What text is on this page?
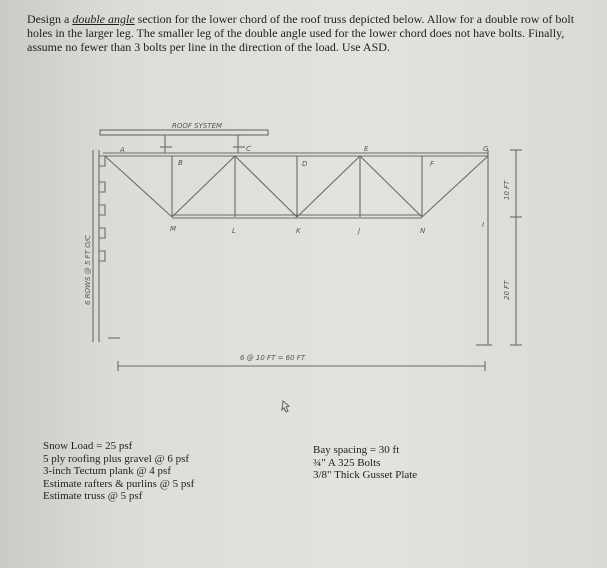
Design a double angle section for the lower chord of the roof truss depicted below. Allow for a double row of bolt holes in the larger leg. The smaller leg of the double angle used for the lower chord does not have bolts. Finally, assume no fewer than 3 bolts per line in the direction of the load. Use ASD.
ROOF SYSTEM
A
B
C
D
E
F
G
M	L	K	J	N
I
6 @ 10 FT = 60 FT
6 ROWS @ 5 FT O/C
10 FT
20 FT
Snow Load = 25 psf
5 ply roofing plus gravel @ 6 psf
3-inch Tectum plank @ 4 psf
Estimate rafters & purlins @ 5 psf
Estimate truss @ 5 psf
Bay spacing = 30 ft
¾" A 325 Bolts
3/8" Thick Gusset Plate
